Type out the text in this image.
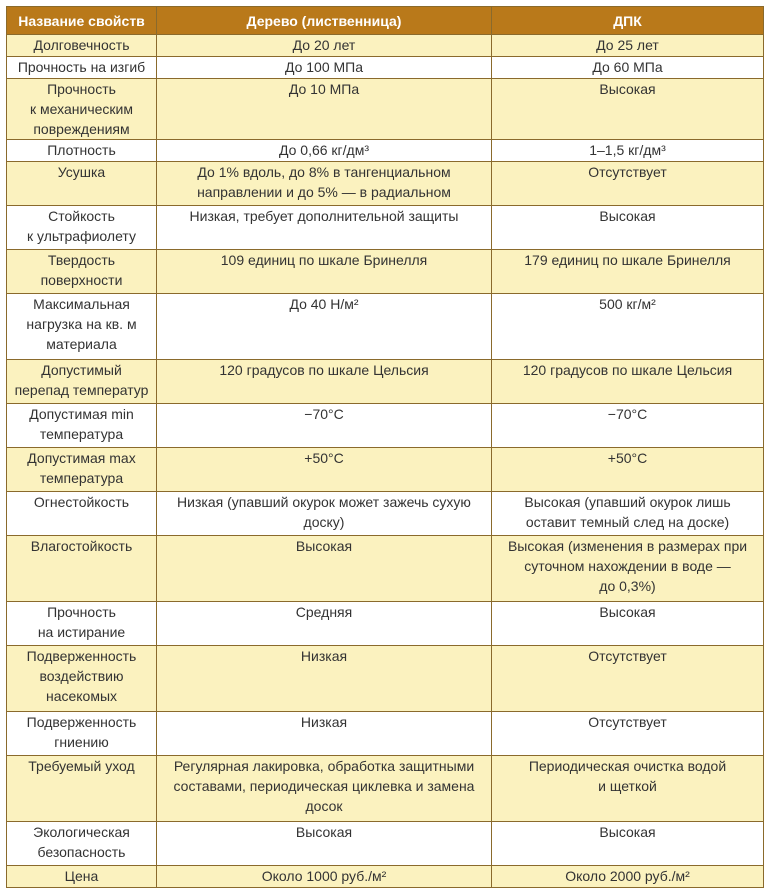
Название свойств	Дерево (лиственница)	ДПК

Долговечность	До 20 лет	До 25 лет

Прочность на изгиб	До 100 МПа	До 60 МПа

Прочность
к механическим
повреждениям	До 10 МПа	Высокая

Плотность	До 0,66 кг/дм³	1–1,5 кг/дм³

Усушка	До 1% вдоль, до 8% в тангенциальном
направлении и до 5% — в радиальном	Отсутствует

Стойкость
к ультрафиолету	Низкая, требует дополнительной защиты	Высокая

Твердость
поверхности	109 единиц по шкале Бринелля	179 единиц по шкале Бринелля

Максимальная
нагрузка на кв. м
материала	До 40 Н/м²	500 кг/м²

Допустимый
перепад температур	120 градусов по шкале Цельсия	120 градусов по шкале Цельсия

Допустимая min
температура	−70°С	−70°С

Допустимая max
температура	+50°С	+50°С

Огнестойкость	Низкая (упавший окурок может зажечь сухую
доску)	Высокая (упавший окурок лишь
оставит темный след на доске)

Влагостойкость	Высокая	Высокая (изменения в размерах при
суточном нахождении в воде —
до 0,3%)

Прочность
на истирание	Средняя	Высокая

Подверженность
воздействию
насекомых	Низкая	Отсутствует

Подверженность
гниению	Низкая	Отсутствует

Требуемый уход	Регулярная лакировка, обработка защитными
составами, периодическая циклевка и замена
досок	Периодическая очистка водой
и щеткой

Экологическая
безопасность	Высокая	Высокая

Цена	Около 1000 руб./м²	Около 2000 руб./м²
